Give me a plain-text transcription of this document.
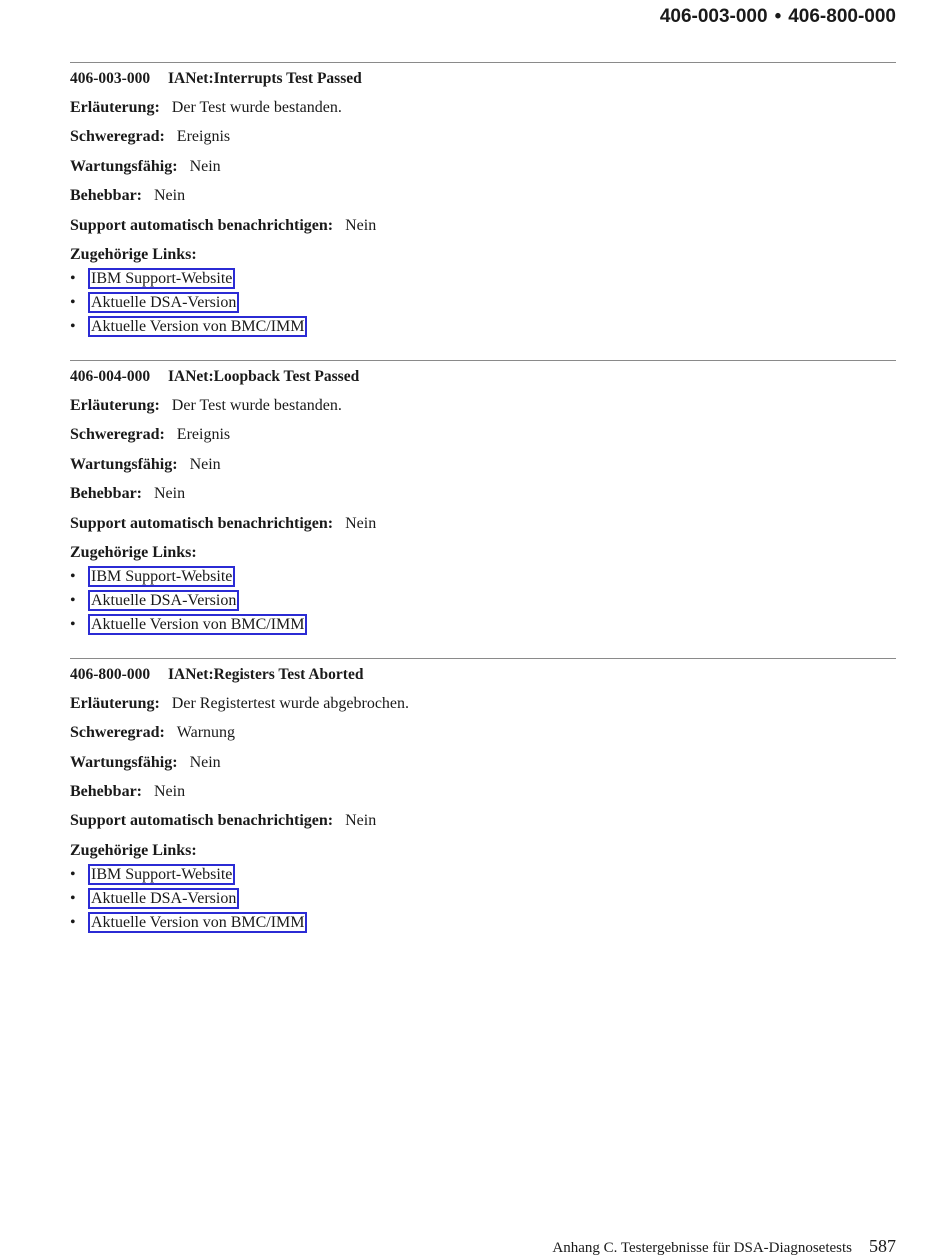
406-003-000 • 406-800-000
406-003-000 IANet:Interrupts Test Passed
Erläuterung: Der Test wurde bestanden.
Schweregrad: Ereignis
Wartungsfähig: Nein
Behebbar: Nein
Support automatisch benachrichtigen: Nein
Zugehörige Links:
• IBM Support-Website
• Aktuelle DSA-Version
• Aktuelle Version von BMC/IMM
406-004-000 IANet:Loopback Test Passed
Erläuterung: Der Test wurde bestanden.
Schweregrad: Ereignis
Wartungsfähig: Nein
Behebbar: Nein
Support automatisch benachrichtigen: Nein
Zugehörige Links:
• IBM Support-Website
• Aktuelle DSA-Version
• Aktuelle Version von BMC/IMM
406-800-000 IANet:Registers Test Aborted
Erläuterung: Der Registertest wurde abgebrochen.
Schweregrad: Warnung
Wartungsfähig: Nein
Behebbar: Nein
Support automatisch benachrichtigen: Nein
Zugehörige Links:
• IBM Support-Website
• Aktuelle DSA-Version
• Aktuelle Version von BMC/IMM
Anhang C. Testergebnisse für DSA-Diagnosetests 587
